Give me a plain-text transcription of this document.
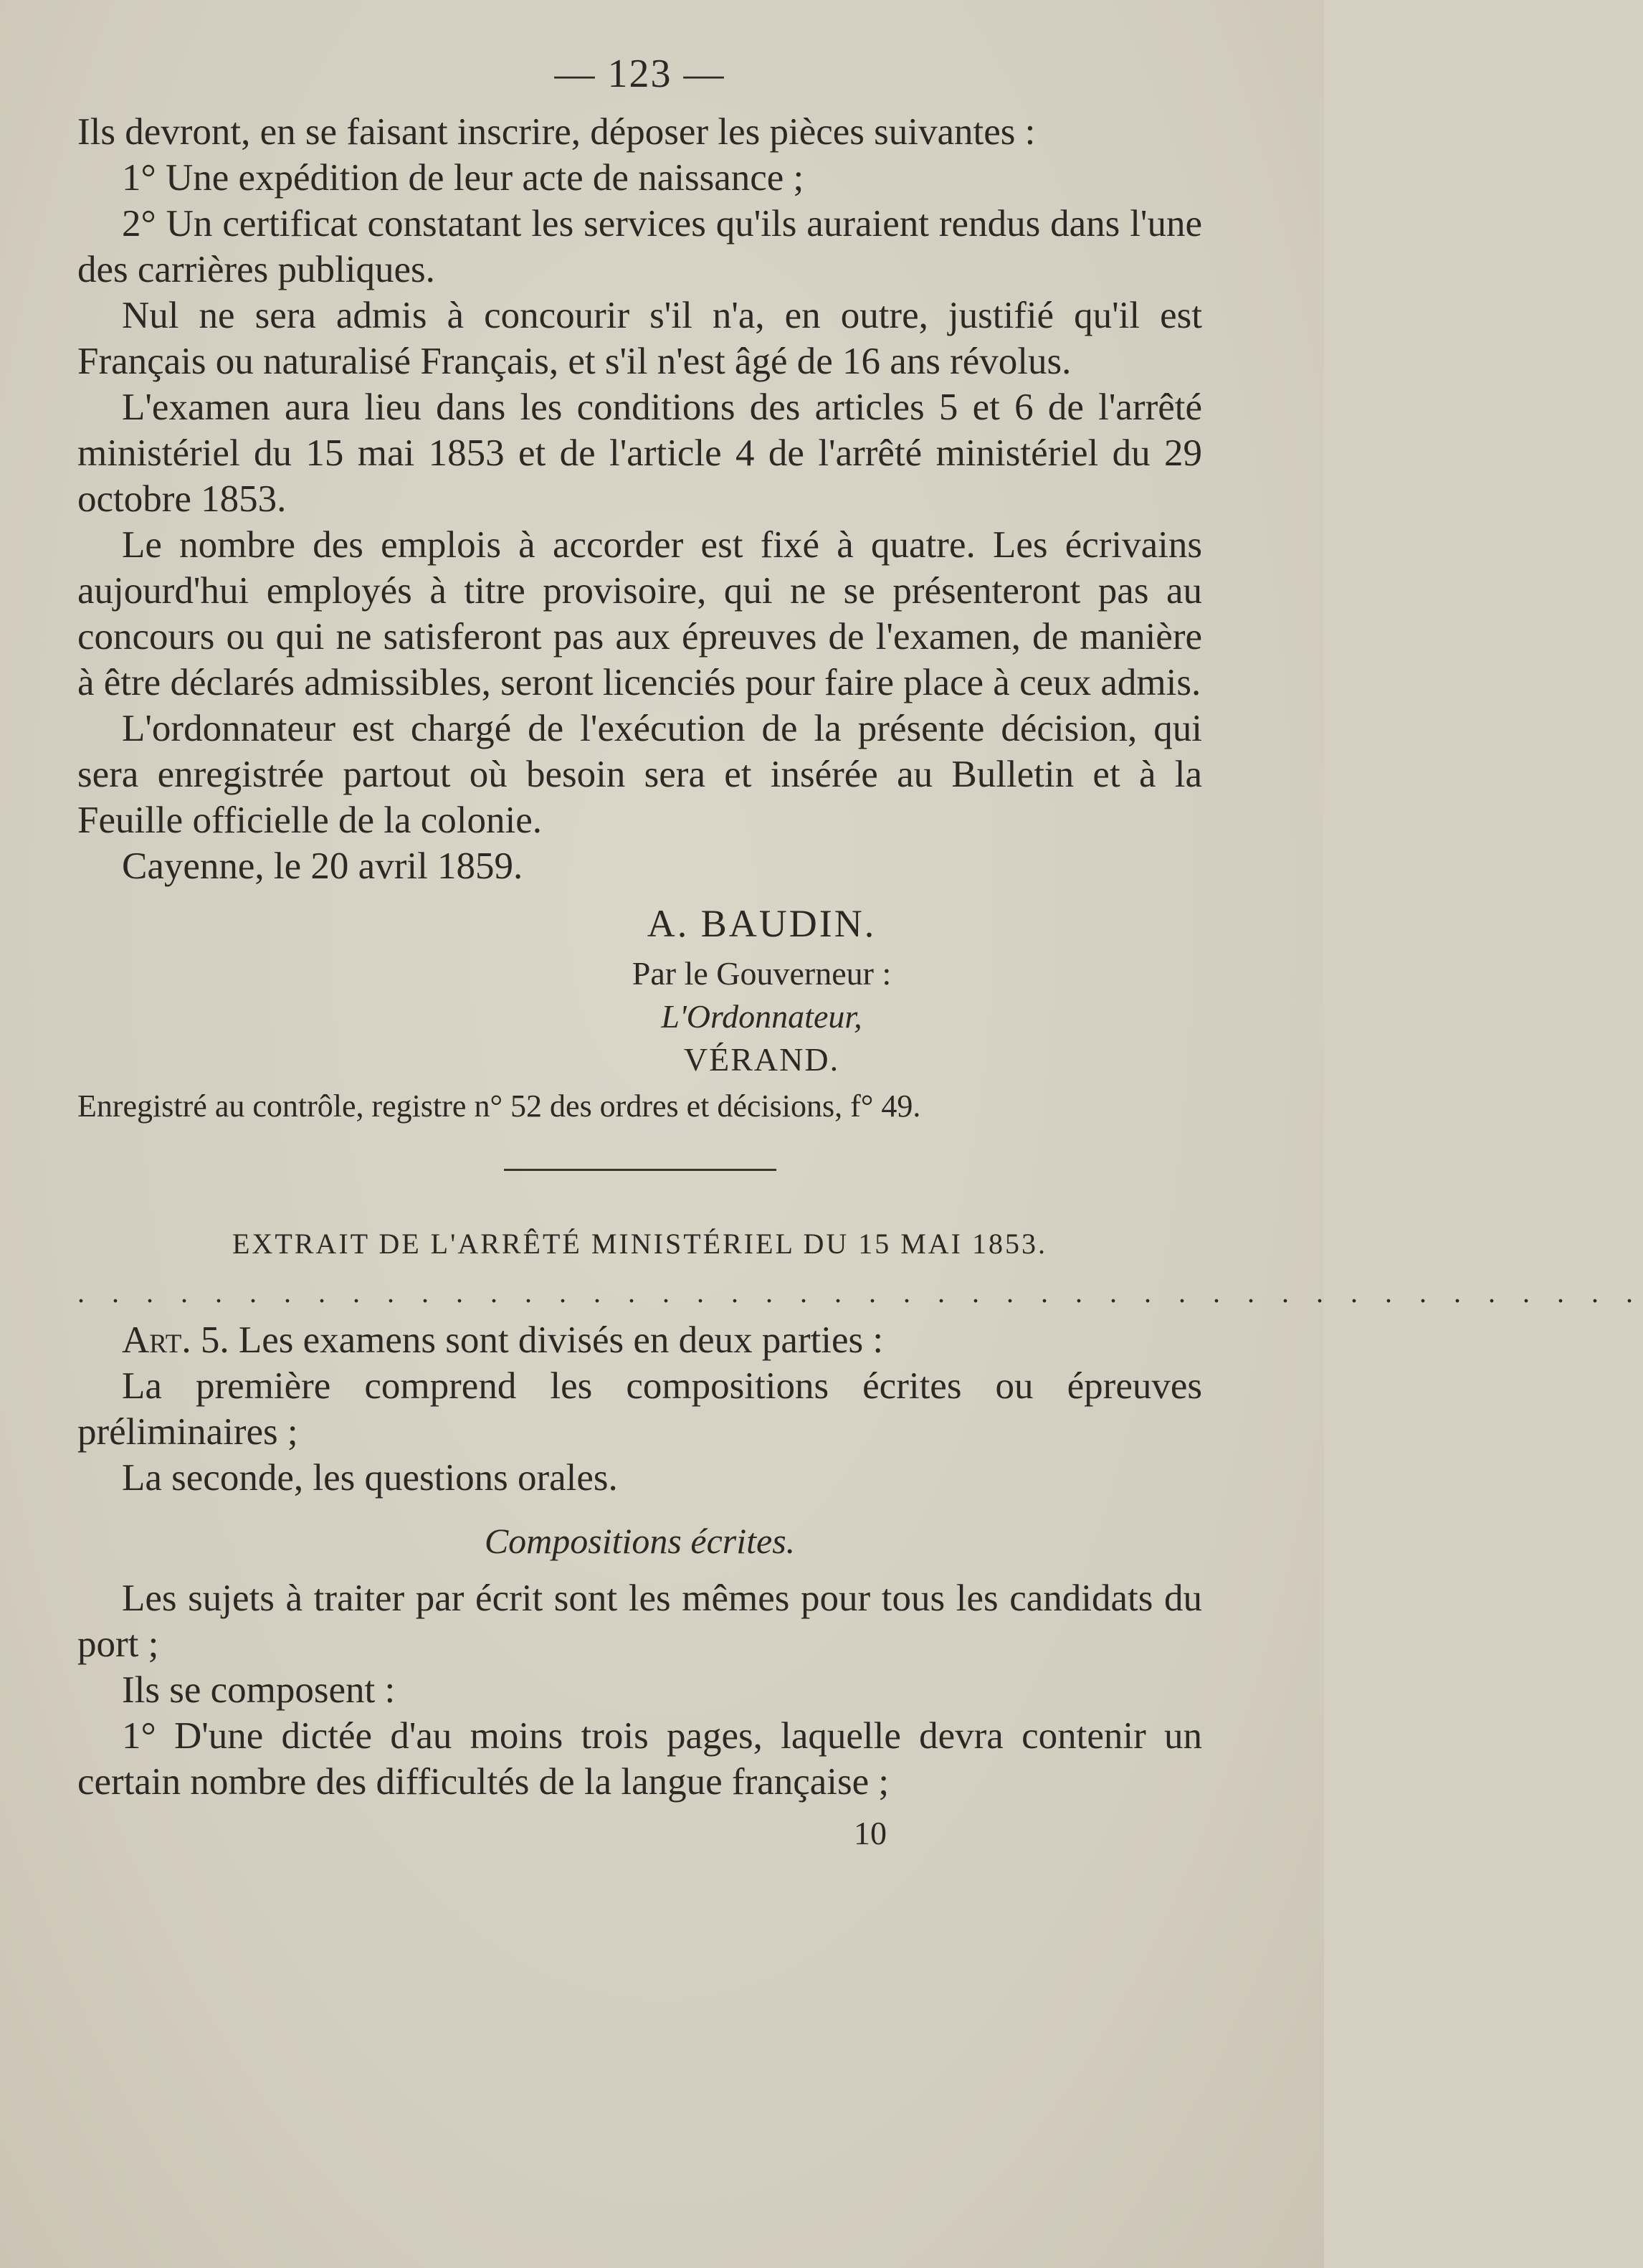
— 123 —

Ils devront, en se faisant inscrire, déposer les pièces suivantes :

1° Une expédition de leur acte de naissance ;

2° Un certificat constatant les services qu'ils auraient rendus dans l'une des carrières publiques.

Nul ne sera admis à concourir s'il n'a, en outre, justifié qu'il est Français ou naturalisé Français, et s'il n'est âgé de 16 ans révolus.

L'examen aura lieu dans les conditions des articles 5 et 6 de l'arrêté ministériel du 15 mai 1853 et de l'article 4 de l'arrêté ministériel du 29 octobre 1853.

Le nombre des emplois à accorder est fixé à quatre. Les écrivains aujourd'hui employés à titre provisoire, qui ne se présenteront pas au concours ou qui ne satisferont pas aux épreuves de l'examen, de manière à être déclarés admissibles, seront licenciés pour faire place à ceux admis.

L'ordonnateur est chargé de l'exécution de la présente décision, qui sera enregistrée partout où besoin sera et insérée au Bulletin et à la Feuille officielle de la colonie.

Cayenne, le 20 avril 1859.

A. BAUDIN.
Par le Gouverneur :
L'Ordonnateur,
VÉRAND.
Enregistré au contrôle, registre n° 52 des ordres et décisions, f° 49.
EXTRAIT DE L'ARRÊTÉ MINISTÉRIEL DU 15 MAI 1853.
. . . . . . . . . . . . . . . . . . . . . . . . . . . . . . . . . . . . . . . . . . . . . .

Art. 5. Les examens sont divisés en deux parties :

La première comprend les compositions écrites ou épreuves préliminaires ;

La seconde, les questions orales.

Compositions écrites.

Les sujets à traiter par écrit sont les mêmes pour tous les candidats du port ;

Ils se composent :

1° D'une dictée d'au moins trois pages, laquelle devra contenir un certain nombre des difficultés de la langue française ;

10
